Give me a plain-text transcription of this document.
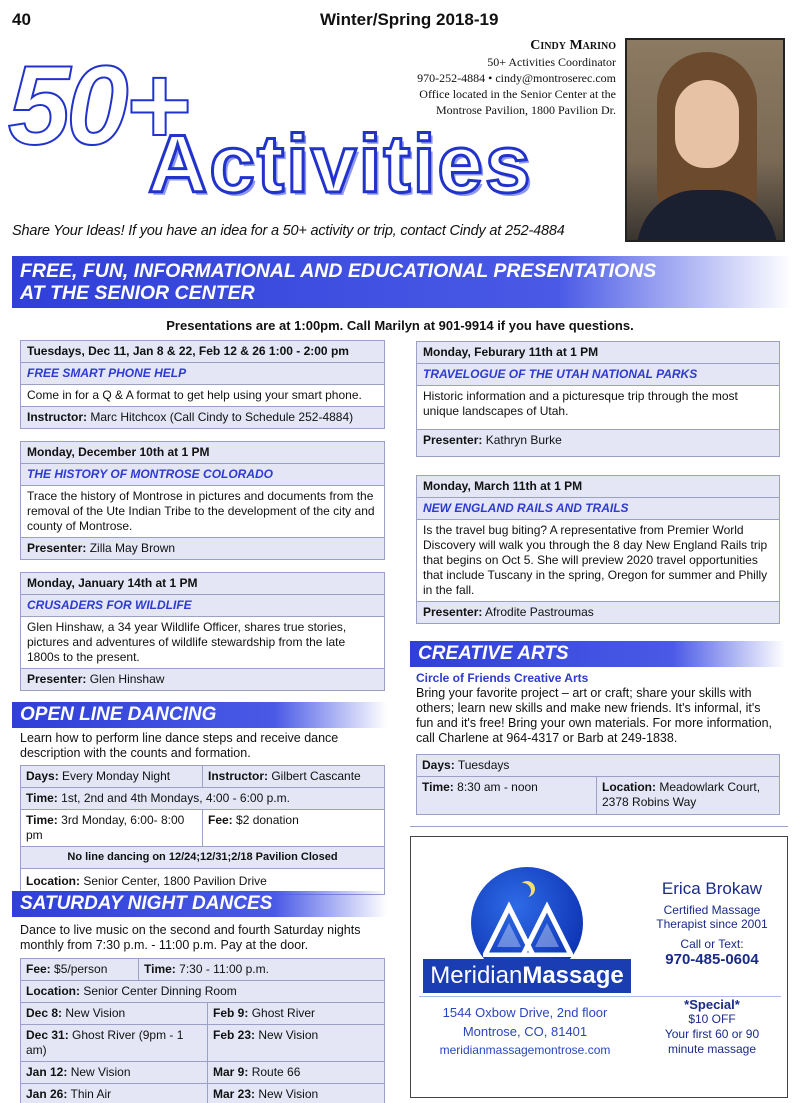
40	Winter/Spring 2018-19
50+
Activities
Cindy Marino
50+ Activities Coordinator
970-252-4884 • cindy@montroserec.com
Office located in the Senior Center at the
Montrose Pavilion, 1800 Pavilion Dr.
Share Your Ideas! If you have an idea for a 50+ activity or trip, contact Cindy at 252-4884
FREE, FUN, INFORMATIONAL AND EDUCATIONAL PRESENTATIONS
AT THE SENIOR CENTER
Presentations are at 1:00pm. Call Marilyn at 901-9914 if you have questions.
Tuesdays, Dec 11, Jan 8 & 22, Feb 12 & 26 1:00 - 2:00 pm
FREE SMART PHONE HELP
Come in for a Q & A format to get help using your smart phone.
Instructor: Marc Hitchcox (Call Cindy to Schedule 252-4884)
Monday, December 10th at 1 PM
THE HISTORY OF MONTROSE COLORADO
Trace the history of Montrose in pictures and documents from the removal of the Ute Indian Tribe to the development of the city and county of Montrose.
Presenter: Zilla May Brown
Monday, January 14th at 1 PM
CRUSADERS FOR WILDLIFE
Glen Hinshaw, a 34 year Wildlife Officer, shares true stories, pictures and adventures of wildlife stewardship from the late 1800s to the present.
Presenter: Glen Hinshaw
Monday, Feburary 11th at 1 PM
TRAVELOGUE OF THE UTAH NATIONAL PARKS
Historic information and a picturesque trip through the most unique landscapes of Utah.
Presenter: Kathryn Burke
Monday, March 11th at 1 PM
NEW ENGLAND RAILS AND TRAILS
Is the travel bug biting? A representative from Premier World Discovery will walk you through the 8 day New England Rails trip that begins on Oct 5. She will preview 2020 travel opportunities that include Tuscany in the spring, Oregon for summer and Philly in the fall.
Presenter: Afrodite Pastroumas
CREATIVE ARTS
Circle of Friends Creative Arts
Bring your favorite project – art or craft; share your skills with others; learn new skills and make new friends. It's informal, it's fun and it's free! Bring your own materials. For more information, call Charlene at 964-4317 or Barb at 249-1838.
Days: Tuesdays
Time: 8:30 am - noon	Location: Meadowlark Court, 2378 Robins Way
OPEN LINE DANCING
Learn how to perform line dance steps and receive dance description with the counts and formation.
Days: Every Monday Night	Instructor: Gilbert Cascante
Time: 1st, 2nd and 4th Mondays, 4:00 - 6:00 p.m.	
Time: 3rd Monday, 6:00- 8:00 pm	Fee: $2 donation
No line dancing on 12/24;12/31;2/18 Pavilion Closed	
Location: Senior Center, 1800 Pavilion Drive	
SATURDAY NIGHT DANCES
Dance to live music on the second and fourth Saturday nights monthly from 7:30 p.m. - 11:00 p.m. Pay at the door.
Fee: $5/person	Time: 7:30 - 11:00 p.m.	
Location: Senior Center Dinning Room		
Dec 8: New Vision		Feb 9: Ghost River
Dec 31: Ghost River (9pm - 1 am)		Feb 23: New Vision
Jan 12: New Vision		Mar 9: Route 66
Jan 26: Thin Air		Mar 23: New Vision
MeridianMassage
Erica Brokaw
Certified Massage
Therapist since 2001
Call or Text:
970-485-0604
1544 Oxbow Drive, 2nd floor
Montrose, CO, 81401
meridianmassagemontrose.com
*Special*
$10 OFF
Your first 60 or 90
minute massage
